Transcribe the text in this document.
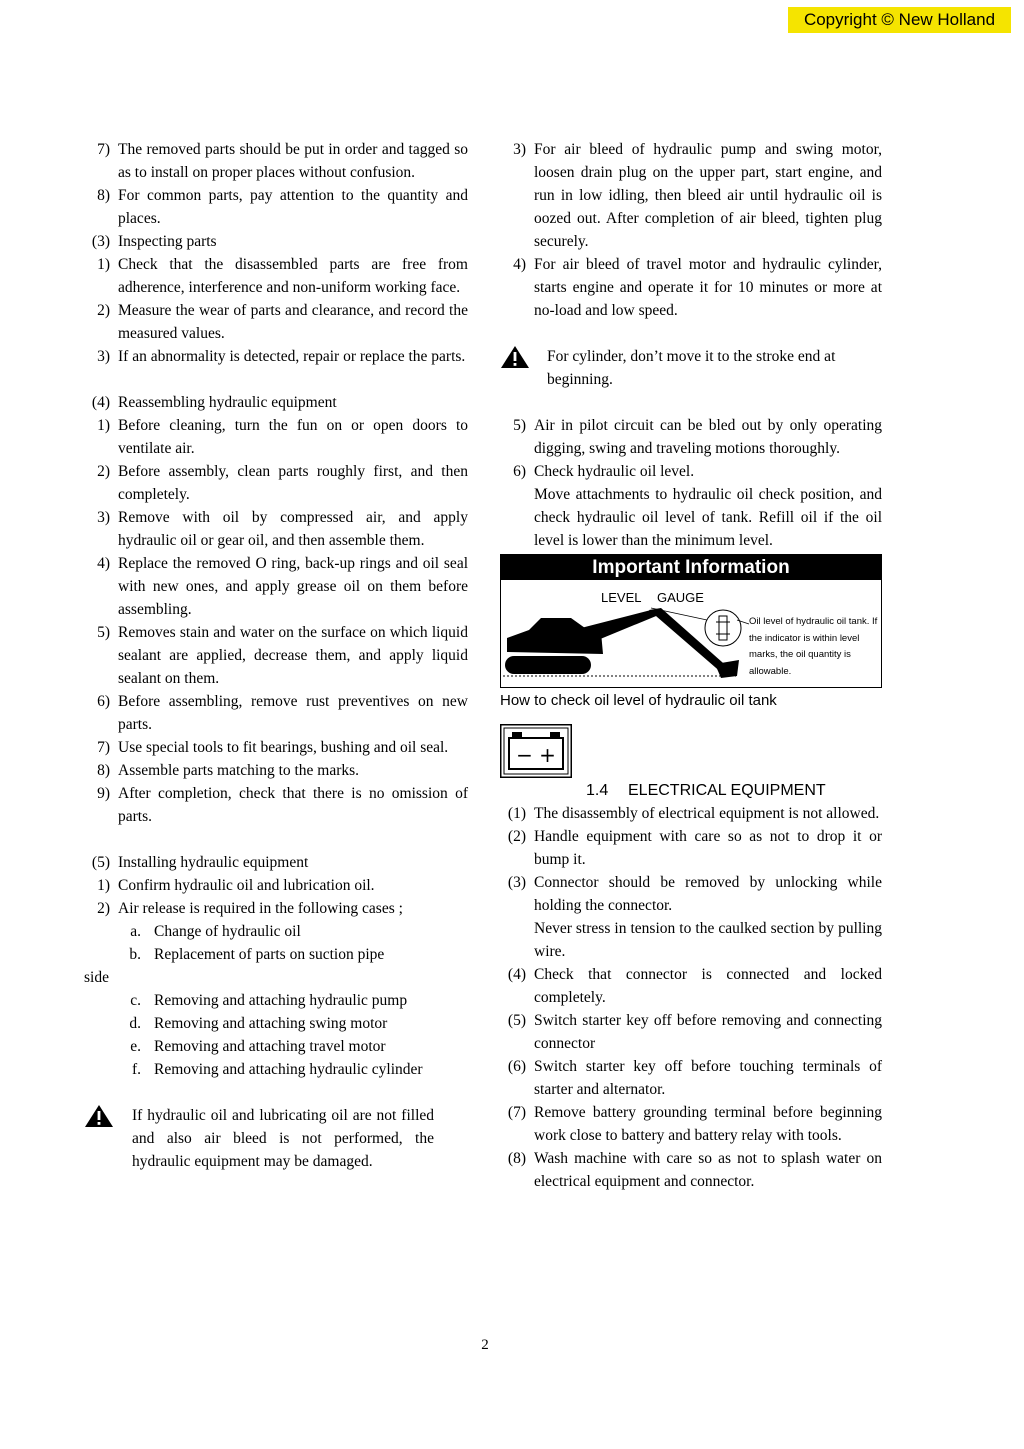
Copyright © New Holland
7) The removed parts should be put in order and tagged so as to install on proper places without confusion.
8) For common parts, pay attention to the quantity and places.
(3) Inspecting parts
1) Check that the disassembled parts are free from adherence, interference and non-uniform working face.
2) Measure the wear of parts and clearance, and record the measured values.
3) If an abnormality is detected, repair or replace the parts.
(4) Reassembling hydraulic equipment
1) Before cleaning, turn the fun on or open doors to ventilate air.
2) Before assembly, clean parts roughly first, and then completely.
3) Remove with oil by compressed air, and apply hydraulic oil or gear oil, and then assemble them.
4) Replace the removed O ring, back-up rings and oil seal with new ones, and apply grease oil on them before assembling.
5) Removes stain and water on the surface on which liquid sealant are applied, decrease them, and apply liquid sealant on them.
6) Before assembling, remove rust preventives on new parts.
7) Use special tools to fit bearings, bushing and oil seal.
8) Assemble parts matching to the marks.
9) After completion, check that there is no omission of parts.
(5) Installing hydraulic equipment
1) Confirm hydraulic oil and lubrication oil.
2) Air release is required in the following cases ;
a. Change of hydraulic oil
b. Replacement of parts on suction pipe
side
c. Removing and attaching hydraulic pump
d. Removing and attaching swing motor
e. Removing and attaching travel motor
f. Removing and attaching hydraulic cylinder
If hydraulic oil and lubricating oil are not filled and also air bleed is not performed, the hydraulic equipment may be damaged.
3) For air bleed of hydraulic pump and swing motor, loosen drain plug on the upper part, start engine, and run in low idling, then bleed air until hydraulic oil is oozed out. After completion of air bleed, tighten plug securely.
4) For air bleed of travel motor and hydraulic cylinder, starts engine and operate it for 10 minutes or more at no-load and low speed.
For cylinder, don’t move it to the stroke end at beginning.
5) Air in pilot circuit can be bled out by only operating digging, swing and traveling motions thoroughly.
6) Check hydraulic oil level.
Move attachments to hydraulic oil check position, and check hydraulic oil level of tank. Refill oil if the oil level is lower than the minimum level.
Important Information
LEVEL GAUGE
Oil level of hydraulic oil tank. If the indicator is within level marks, the oil quantity is allowable.
How to check oil level of hydraulic oil tank
− +
1.4 ELECTRICAL EQUIPMENT
(1) The disassembly of electrical equipment is not allowed.
(2) Handle equipment with care so as not to drop it or bump it.
(3) Connector should be removed by unlocking while holding the connector.
Never stress in tension to the caulked section by pulling wire.
(4) Check that connector is connected and locked completely.
(5) Switch starter key off before removing and connecting connector
(6) Switch starter key off before touching terminals of starter and alternator.
(7) Remove battery grounding terminal before beginning work close to battery and battery relay with tools.
(8) Wash machine with care so as not to splash water on electrical equipment and connector.
2
